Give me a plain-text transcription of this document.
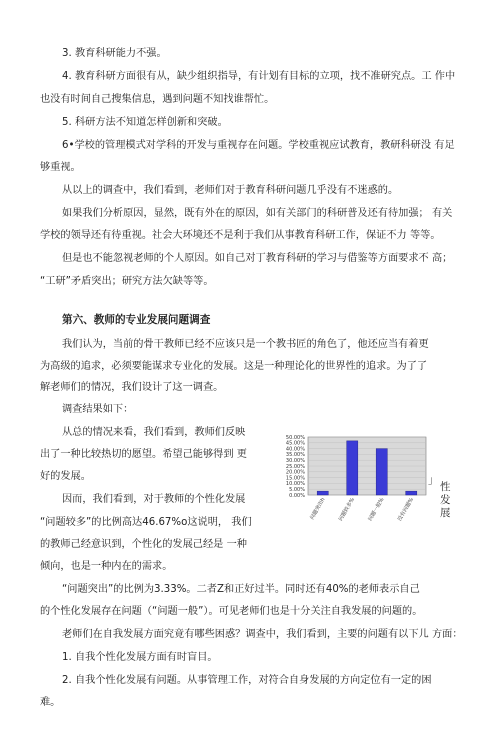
3. 教育科研能力不强。
4. 教育科研方面很有从，缺少组织指导，有计划有目标的立项，找不准研究点。工 作中
也没有时间自己搜集信息，遇到问题不知找谁帮忙。
5. 科研方法不知道怎样创新和突破。
6•学校的管理模式对学科的开发与重视存在问题。学校重视应试教育，教研科研没 有足
够重视。
从以上的调查中，我们看到，老师们对于教育科研问题几乎没有不迷惑的。
如果我们分析原因，显然，既有外在的原因，如有关部门的科研普及还有待加强； 有关
学校的领导还有待重视。社会大环境还不是利于我们从事教育科研工作，保证不力 等等。
但是也不能忽视老师的个人原因。如自己对丁教育科研的学习与借鉴等方面要求不 高；
“工研”矛盾突出；研究方法欠缺等等。
第六、教师的专业发展问题调查
我们认为，当前的骨干教师已经不应该只是一个教书匠的角色了，他还应当有着更
为高级的追求，必须要能谋求专业化的发展。这是一种理论化的世界性的追求。为了了
解老师们的情况，我们设计了这一调查。
调查结果如下：
从总的情况来看，我们看到，教师们反映
出了一种比较热切的愿望。希望己能够得到 更
好的发展。
因而，我们看到，对于教师的个性化发展
“问题较多”的比例高达46.67%o这说明， 我们
的教师己经意识到，个性化的发展己经是 一种
倾向，也是一种内在的需求。
“问题突出”的比例为3.33%。二者Z和正好过半。同时还有40%的老师表示自己
的个性化发展存在问题（“问题一般”）。可见老师们也是十分关注自我发展的问题的。
老师们在自我发展方面究竟有哪些困惑？调查中，我们看到，主要的问题有以下儿 方面：
1. 自我个性化发展方面有时盲目。
2. 自我个性化发展有问题。从事管理工作，对符合自身发展的方向定位有一定的困
难。
0.00%
5.00%
10.00%
15.00%
20.00%
25.00%
30.00%
35.00%
40.00%
45.00%
50.00%
问题突出h	问题较多%	问题一般%	没有问题%
」
性
发
展
